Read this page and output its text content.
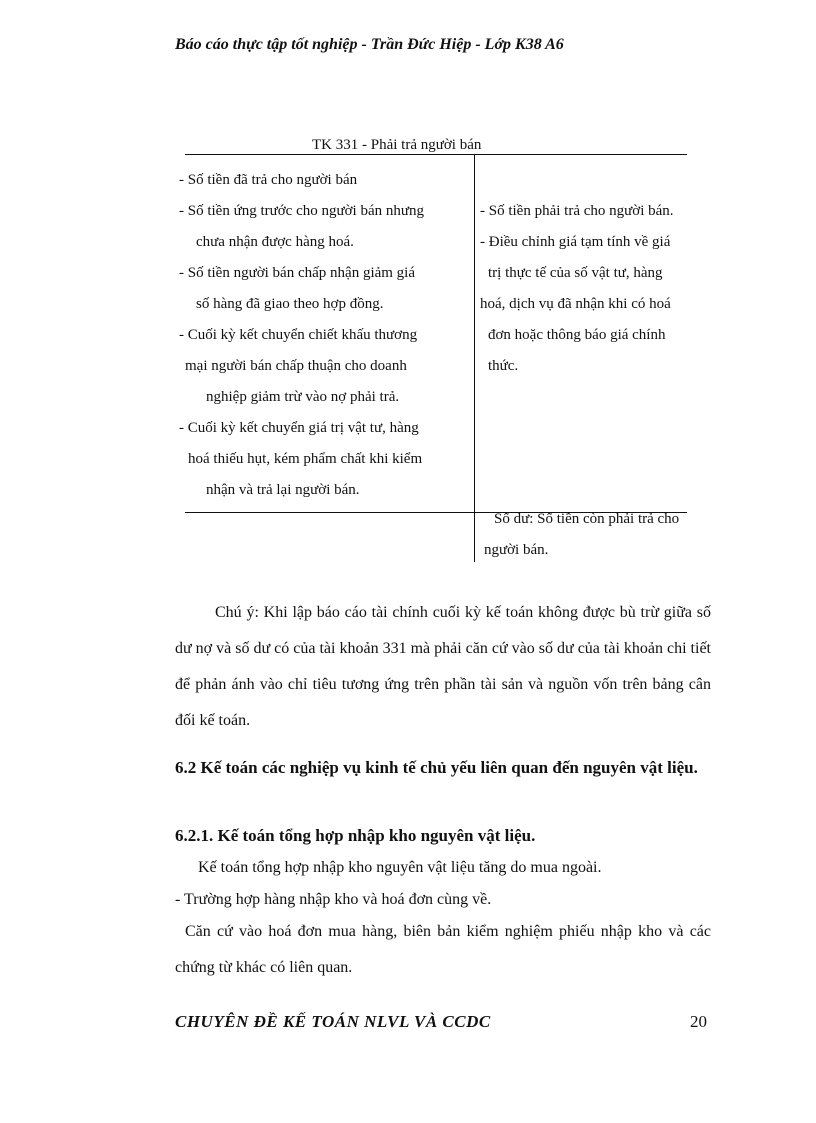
Báo cáo thực tập tốt nghiệp - Trần Đức Hiệp - Lớp K38 A6
TK 331 - Phải trả người bán
- Số tiền đã trả cho người bán
- Số tiền ứng trước cho người bán nhưng
chưa nhận được hàng hoá.
- Số tiền người bán chấp nhận giảm giá
số hàng đã giao theo hợp đồng.
- Cuối kỳ kết chuyển chiết khấu thương
mại người bán chấp thuận cho doanh
nghiệp giảm trừ vào nợ phải trả.
- Cuối kỳ kết chuyển giá trị vật tư, hàng
hoá thiếu hụt, kém phẩm chất khi kiểm
nhận và trả lại người bán.
- Số tiền phải trả cho người bán.
- Điều chỉnh giá tạm tính về giá
trị thực tế của số vật tư, hàng
hoá, dịch vụ đã nhận khi có hoá
đơn hoặc thông báo giá chính
thức.
Số dư: Số tiền còn phải trả cho
người bán.
Chú ý: Khi lập báo cáo tài chính cuối kỳ kế toán không được bù trừ giữa số dư nợ và số dư có của tài khoản 331 mà phải căn cứ vào số dư của tài khoản chi tiết để phản ánh vào chỉ tiêu tương ứng trên phần tài sản và nguồn vốn trên bảng cân đối kế toán.
6.2 Kế toán các nghiệp vụ kinh tế chủ yếu liên quan đến nguyên vật liệu.
6.2.1. Kế toán tổng hợp nhập kho nguyên vật liệu.
Kế toán tổng hợp nhập kho nguyên vật liệu tăng do mua ngoài.
- Trường hợp hàng nhập kho và hoá đơn cùng về.
Căn cứ vào hoá đơn mua hàng, biên bản kiểm nghiệm phiếu nhập kho và các chứng từ khác có liên quan.
CHUYÊN ĐỀ KẾ TOÁN NLVL VÀ CCDC	20
